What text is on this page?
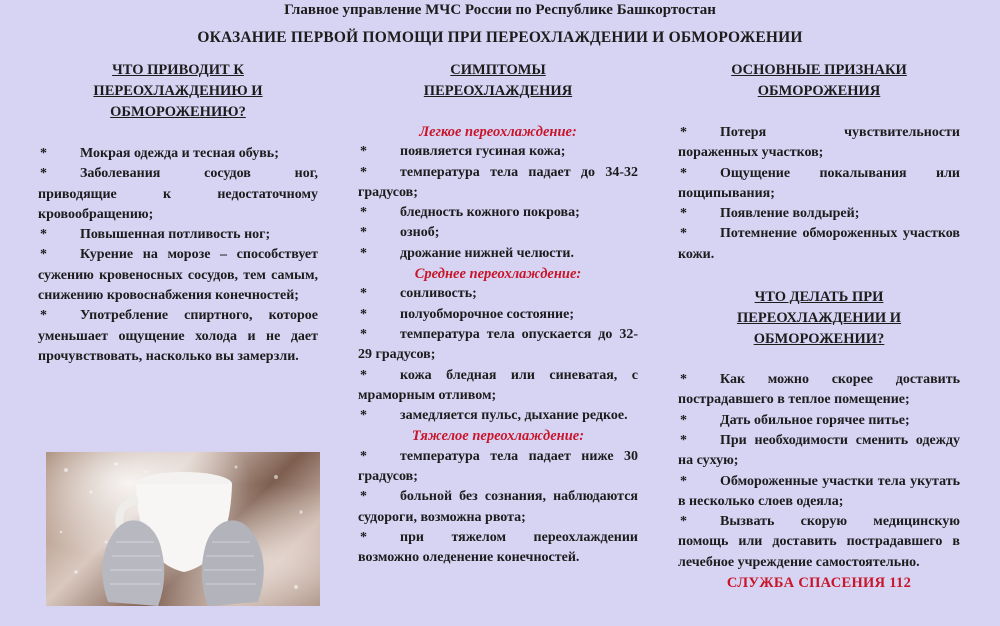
Главное управление МЧС России по Республике Башкортостан
ОКАЗАНИЕ ПЕРВОЙ ПОМОЩИ ПРИ ПЕРЕОХЛАЖДЕНИИ И ОБМОРОЖЕНИИ
ЧТО ПРИВОДИТ К
ПЕРЕОХЛАЖДЕНИЮ И
ОБМОРОЖЕНИЮ?
* Мокрая одежда и тесная обувь;
* Заболевания сосудов ног, приводящие к недостаточному кровообращению;
* Повышенная потливость ног;
* Курение на морозе – способствует сужению кровеносных сосудов, тем самым, снижению кровоснабжения конечностей;
* Употребление спиртного, которое уменьшает ощущение холода и не дает прочувствовать, насколько вы замерзли.
СИМПТОМЫ
ПЕРЕОХЛАЖДЕНИЯ
Легкое переохлаждение:
* появляется гусиная кожа;
* температура тела падает до 34-32 градусов;
* бледность кожного покрова;
* озноб;
* дрожание нижней челюсти.
Среднее переохлаждение:
* сонливость;
* полуобморочное состояние;
* температура тела опускается до 32-29 градусов;
* кожа бледная или синеватая, с мраморным отливом;
* замедляется пульс, дыхание редкое.
Тяжелое переохлаждение:
* температура тела падает ниже 30 градусов;
* больной без сознания, наблюдаются судороги, возможна рвота;
* при тяжелом переохлаждении возможно оледенение конечностей.
ОСНОВНЫЕ ПРИЗНАКИ
ОБМОРОЖЕНИЯ
* Потеря чувствительности пораженных участков;
* Ощущение покалывания или пощипывания;
* Появление волдырей;
* Потемнение обмороженных участков кожи.
ЧТО ДЕЛАТЬ ПРИ
ПЕРЕОХЛАЖДЕНИИ И
ОБМОРОЖЕНИИ?
* Как можно скорее доставить пострадавшего в теплое помещение;
* Дать обильное горячее питье;
* При необходимости сменить одежду на сухую;
* Обмороженные участки тела укутать в несколько слоев одеяла;
* Вызвать скорую медицинскую помощь или доставить пострадавшего в лечебное учреждение самостоятельно.
СЛУЖБА СПАСЕНИЯ 112
